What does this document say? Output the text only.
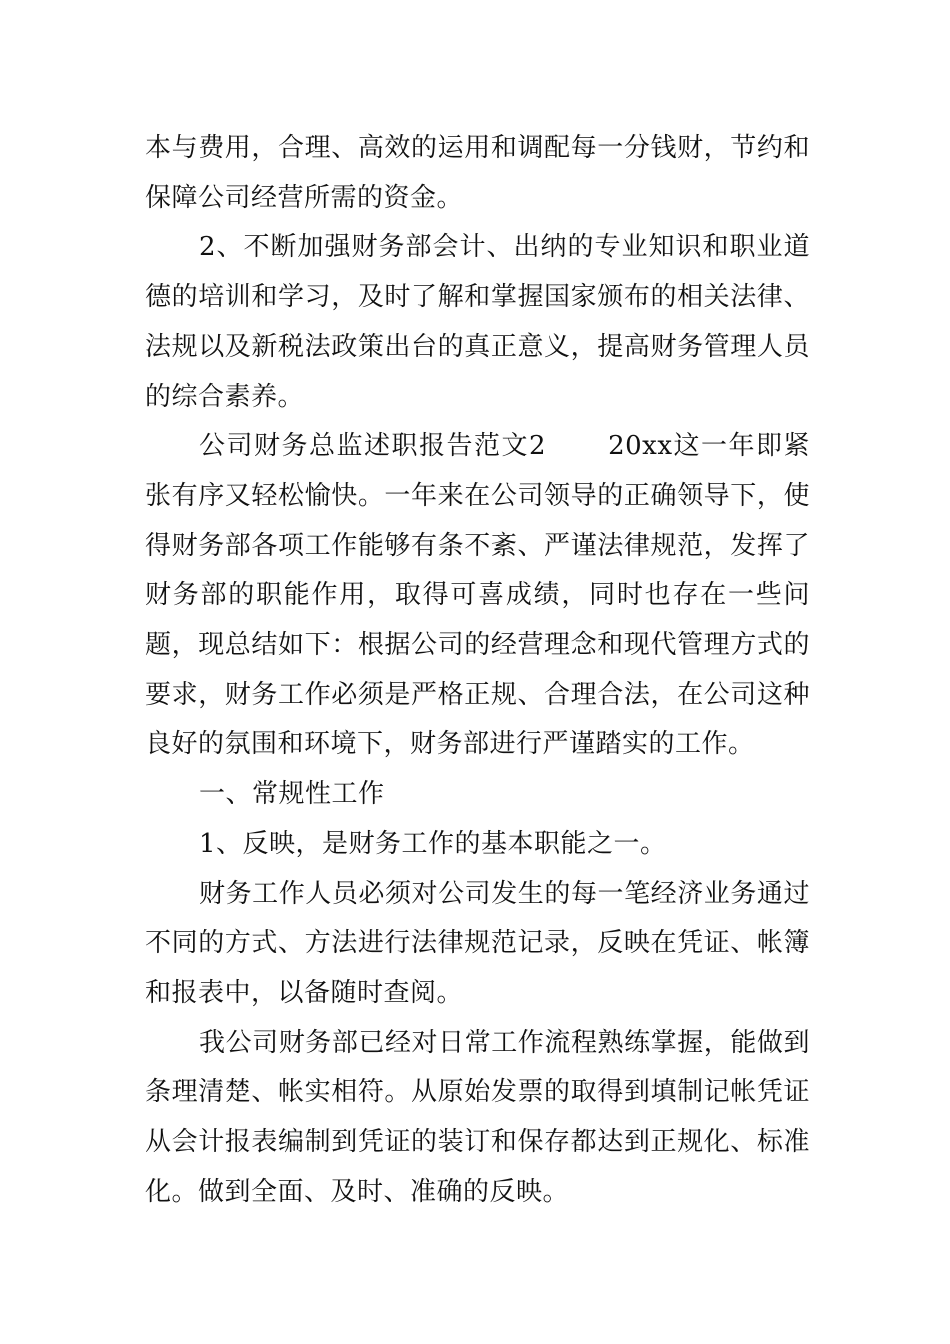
本与费用，合理、高效的运用和调配每一分钱财，节约和保障公司经营所需的资金。

2、不断加强财务部会计、出纳的专业知识和职业道德的培训和学习，及时了解和掌握国家颁布的相关法律、法规以及新税法政策出台的真正意义，提高财务管理人员的综合素养。

公司财务总监述职报告范文2 20xx这一年即紧张有序又轻松愉快。一年来在公司领导的正确领导下，使得财务部各项工作能够有条不紊、严谨法律规范，发挥了财务部的职能作用，取得可喜成绩，同时也存在一些问题，现总结如下：根据公司的经营理念和现代管理方式的要求，财务工作必须是严格正规、合理合法，在公司这种良好的氛围和环境下，财务部进行严谨踏实的工作。

一、常规性工作

1、反映，是财务工作的基本职能之一。

财务工作人员必须对公司发生的每一笔经济业务通过不同的方式、方法进行法律规范记录，反映在凭证、帐簿和报表中，以备随时查阅。

我公司财务部已经对日常工作流程熟练掌握，能做到条理清楚、帐实相符。从原始发票的取得到填制记帐凭证从会计报表编制到凭证的装订和保存都达到正规化、标准化。做到全面、及时、准确的反映。
